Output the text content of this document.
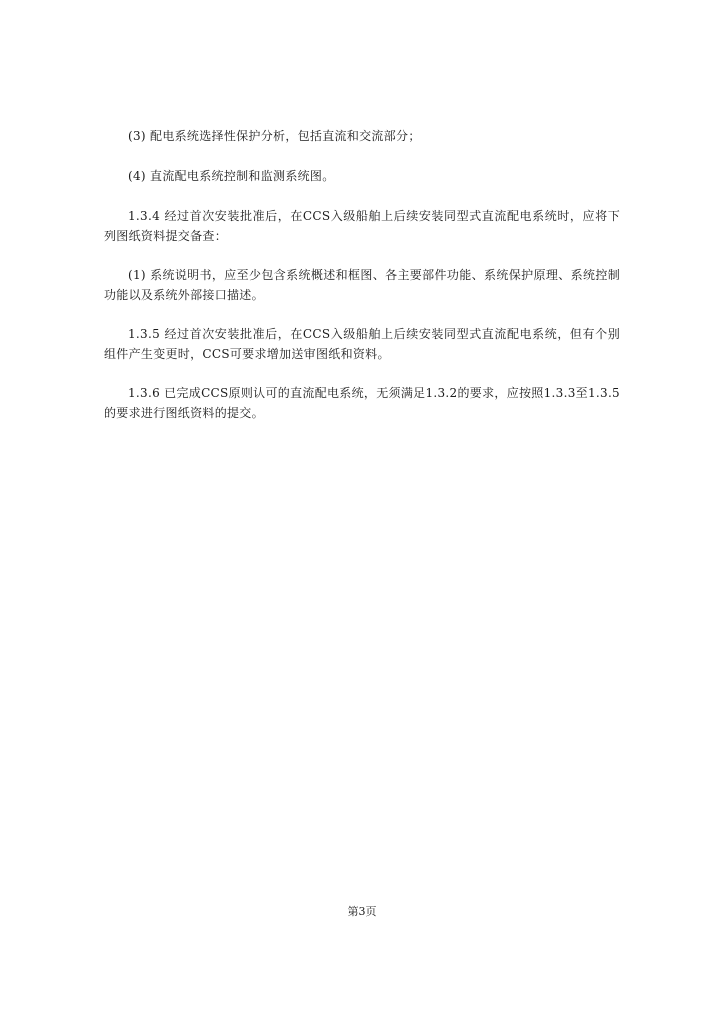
(3) 配电系统选择性保护分析，包括直流和交流部分；

(4) 直流配电系统控制和监测系统图。

1.3.4 经过首次安装批准后，在CCS入级船舶上后续安装同型式直流配电系统时，应将下列图纸资料提交备查：

(1) 系统说明书，应至少包含系统概述和框图、各主要部件功能、系统保护原理、系统控制功能以及系统外部接口描述。

1.3.5 经过首次安装批准后，在CCS入级船舶上后续安装同型式直流配电系统，但有个别组件产生变更时，CCS可要求增加送审图纸和资料。

1.3.6 已完成CCS原则认可的直流配电系统，无须满足1.3.2的要求，应按照1.3.3至1.3.5的要求进行图纸资料的提交。

第3页
